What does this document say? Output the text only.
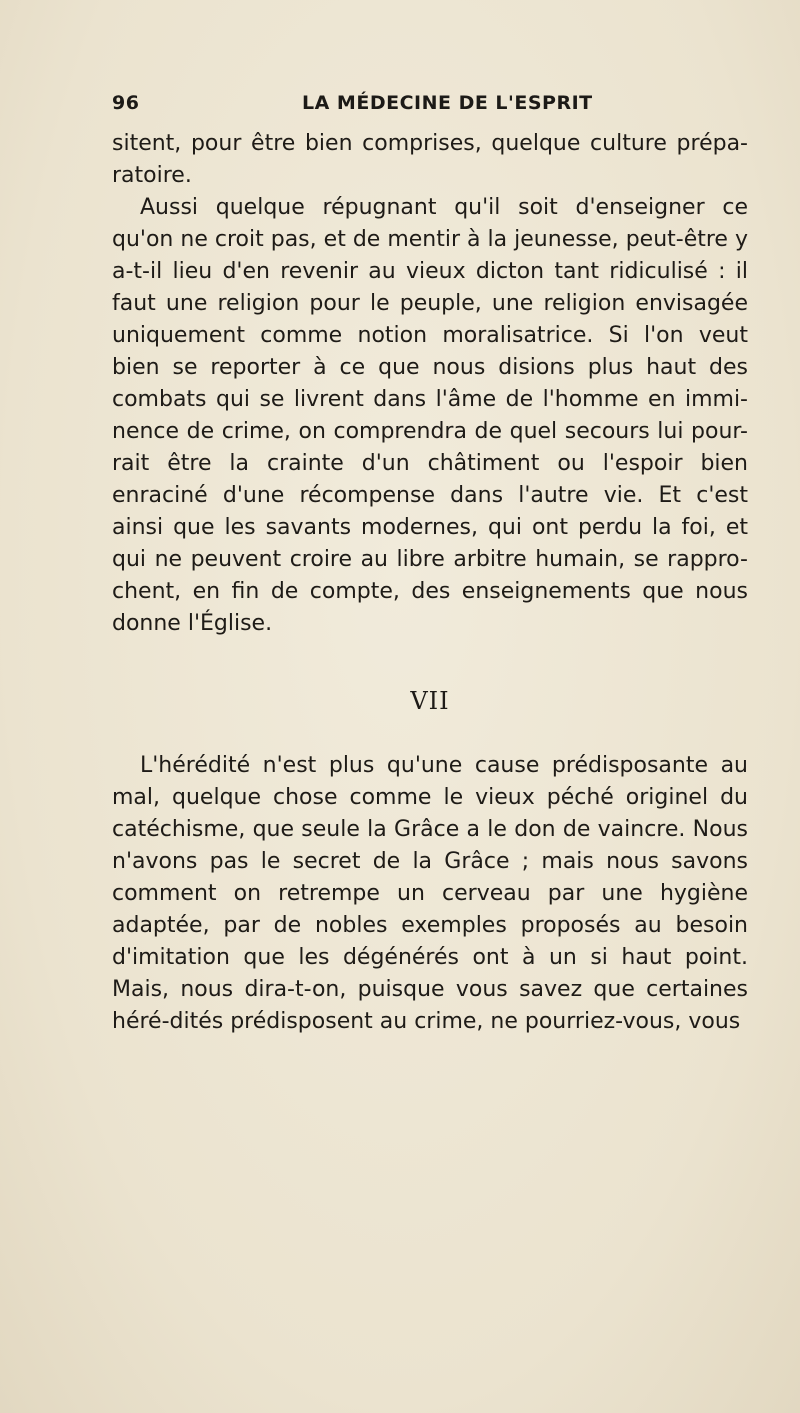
96	LA MÉDECINE DE L'ESPRIT

sitent, pour être bien comprises, quelque culture prépa-ratoire.

Aussi quelque répugnant qu'il soit d'enseigner ce qu'on ne croit pas, et de mentir à la jeunesse, peut-être y a-t-il lieu d'en revenir au vieux dicton tant ridiculisé : il faut une religion pour le peuple, une religion envisagée uniquement comme notion moralisatrice. Si l'on veut bien se reporter à ce que nous disions plus haut des combats qui se livrent dans l'âme de l'homme en immi-nence de crime, on comprendra de quel secours lui pour-rait être la crainte d'un châtiment ou l'espoir bien enraciné d'une récompense dans l'autre vie. Et c'est ainsi que les savants modernes, qui ont perdu la foi, et qui ne peuvent croire au libre arbitre humain, se rappro-chent, en fin de compte, des enseignements que nous donne l'Église.

VII

L'hérédité n'est plus qu'une cause prédisposante au mal, quelque chose comme le vieux péché originel du catéchisme, que seule la Grâce a le don de vaincre. Nous n'avons pas le secret de la Grâce ; mais nous savons comment on retrempe un cerveau par une hygiène adaptée, par de nobles exemples proposés au besoin d'imitation que les dégénérés ont à un si haut point. Mais, nous dira-t-on, puisque vous savez que certaines héré-dités prédisposent au crime, ne pourriez-vous, vous
